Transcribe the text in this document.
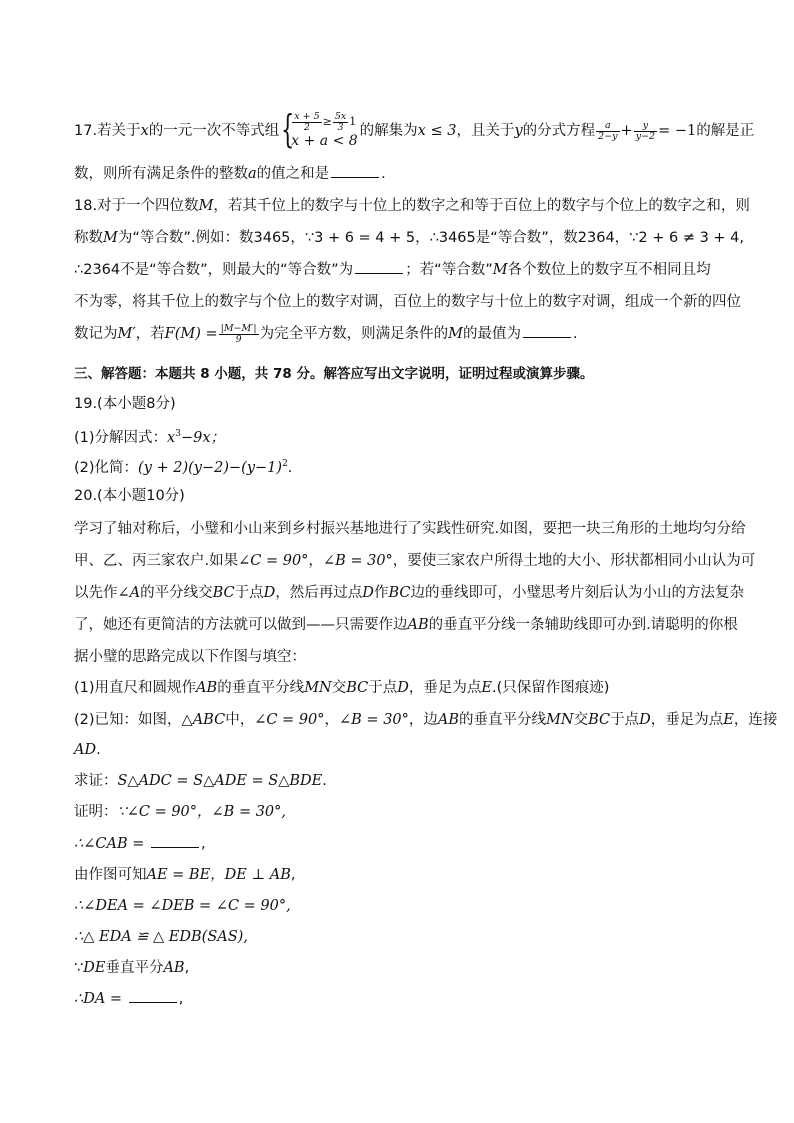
17.若关于x的一元一次不等式组 {
$\frac{x + 5}{2} \ge \frac{5x}{3} 1$
x + a < 8
的解集为x ≤ 3，且关于y的分式方程 $\frac{a}{2-y} + \frac{y}{y-2} = -1$的解是正
数，则所有满足条件的整数a的值之和是	.
18.对于一个四位数M，若其千位上的数字与十位上的数字之和等于百位上的数字与个位上的数字之和，则
称数M为“等合数”.例如：数3465，∵3 + 6 = 4 + 5，∴3465是“等合数”，数2364，∵2 + 6 ≠ 3 + 4,
∴2364不是“等合数”，则最大的“等合数”为	；若“等合数”M各个数位上的数字互不相同且均
不为零，将其千位上的数字与个位上的数字对调，百位上的数字与十位上的数字对调，组成一个新的四位
数记为M′，若$F(M) = \frac{|M-M'|}{9}$ 为完全平方数，则满足条件的M的最值为	.
三、解答题：本题共 8 小题，共 78 分。解答应写出文字说明，证明过程或演算步骤。
19.(本小题8分)
(1)分解因式：$x^3-9x$；
(2)化简：$(y + 2)(y-2)-(y-1)^2$.
20.(本小题10分)
学习了轴对称后，小璧和小山来到乡村振兴基地进行了实践性研究.如图，要把一块三角形的土地均匀分给
甲、乙、丙三家农户.如果∠C = 90°，∠B = 30°，要使三家农户所得土地的大小、形状都相同小山认为可
以先作∠A的平分线交BC于点D，然后再过点D作BC边的垂线即可，小璧思考片刻后认为小山的方法复杂
了，她还有更简洁的方法就可以做到——只需要作边AB的垂直平分线一条辅助线即可办到.请聪明的你根
据小璧的思路完成以下作图与填空：
(1)用直尺和圆规作AB的垂直平分线MN交BC于点D，垂足为点E.(只保留作图痕迹)
(2)已知：如图，△ABC中，∠C = 90°，∠B = 30°，边AB的垂直平分线MN交BC于点D，垂足为点E，连接
AD.
求证：S△ADC = S△ADE = S△BDE.
证明：∵∠C = 90°，∠B = 30°,
∴∠CAB =	,
由作图可知AE = BE，DE ⊥ AB,
∴∠DEA = ∠DEB = ∠C = 90°,
∴△ EDA ≌ △ EDB(SAS),
∵DE垂直平分AB,
∴DA =	,
